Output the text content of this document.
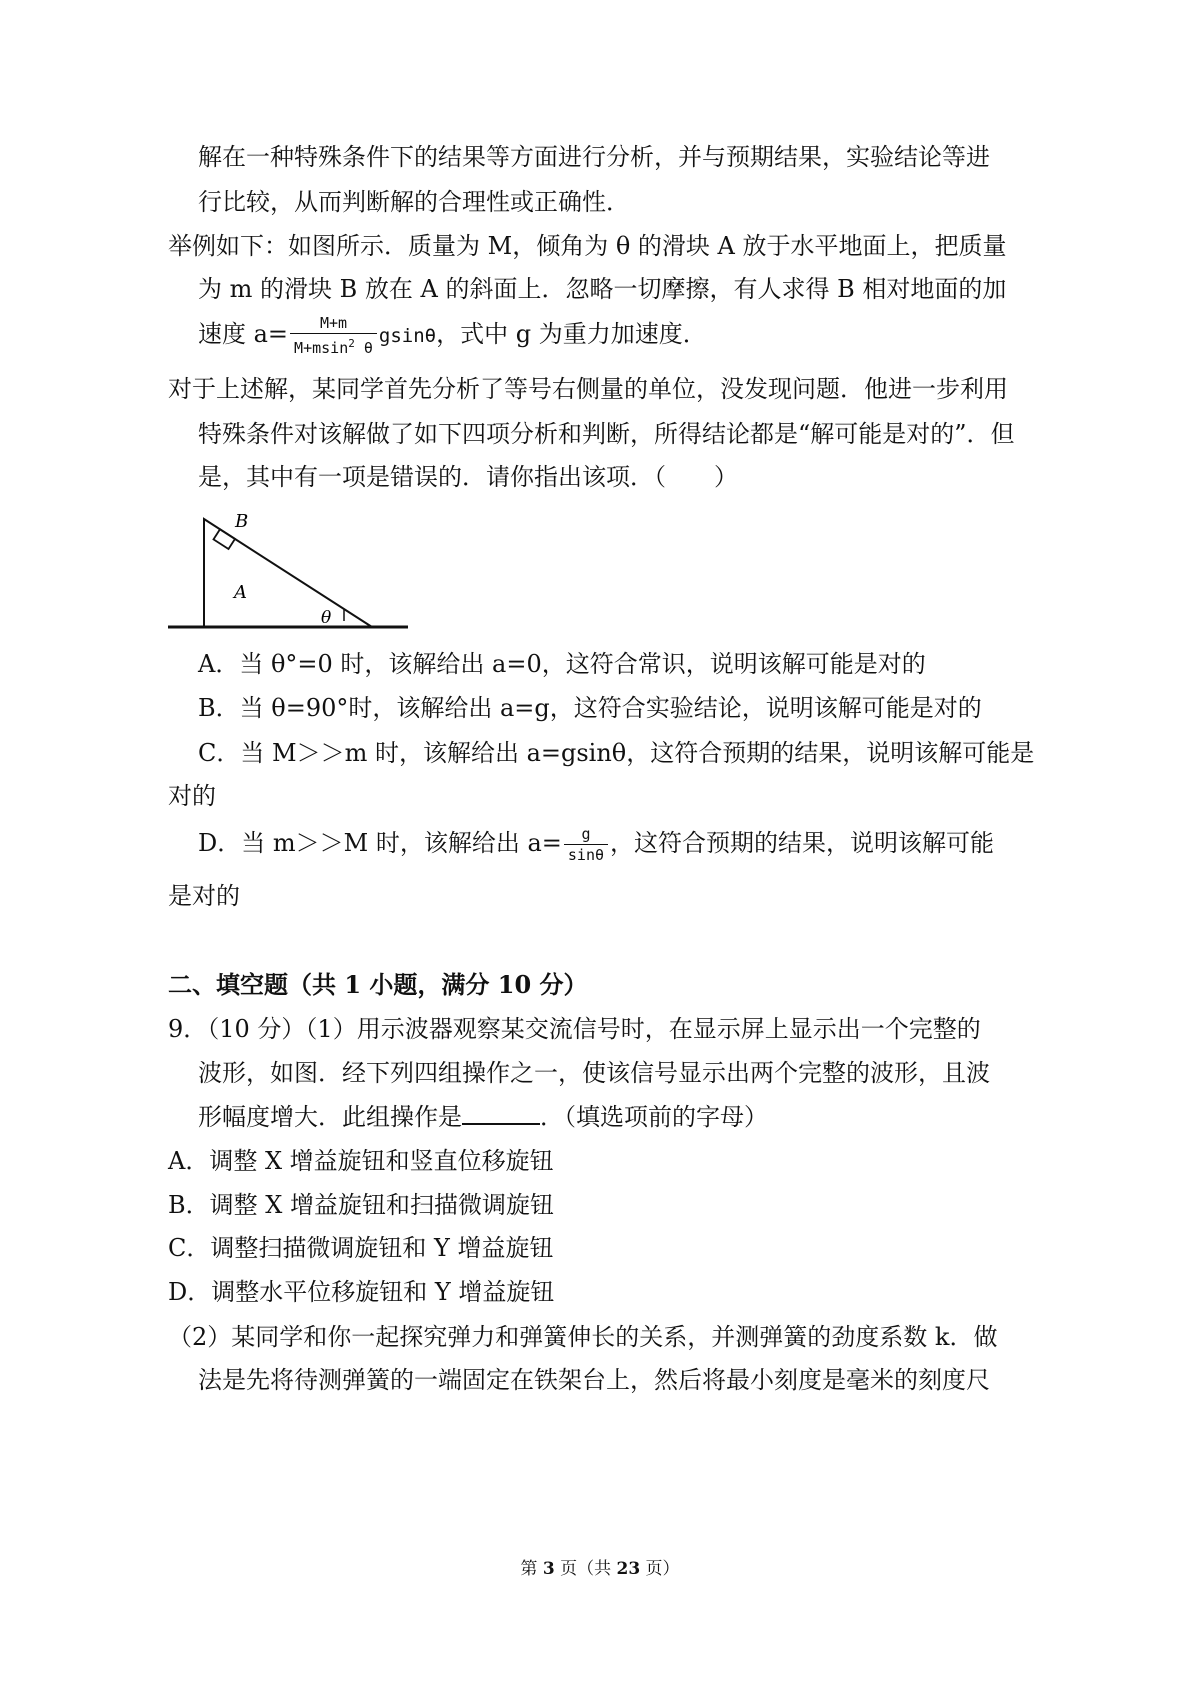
解在一种特殊条件下的结果等方面进行分析，并与预期结果，实验结论等进
行比较，从而判断解的合理性或正确性．
举例如下：如图所示．质量为 M，倾角为 θ 的滑块 A 放于水平地面上，把质量
为 m 的滑块 B 放在 A 的斜面上．忽略一切摩擦，有人求得 B 相对地面的加
速度 $a= \frac{M+m}{M+msin^2 \theta}$ gsinθ，式中 g 为重力加速度．
对于上述解，某同学首先分析了等号右侧量的单位，没发现问题．他进一步利用
特殊条件对该解做了如下四项分析和判断，所得结论都是“解可能是对的”．但
是，其中有一项是错误的．请你指出该项．（　　）
B
A
θ
A．当 θ°=0 时，该解给出 a=0，这符合常识，说明该解可能是对的
B．当 θ=90°时，该解给出 a=g，这符合实验结论，说明该解可能是对的
C．当 M＞＞m 时，该解给出 a=gsinθ，这符合预期的结果，说明该解可能是
对的
D．当 m＞＞M 时，该解给出 $a= \frac{g}{\sin\theta}$ ，这符合预期的结果，说明该解可能
是对的
二、填空题（共 1 小题，满分 10 分）
9．（10 分）（1）用示波器观察某交流信号时，在显示屏上显示出一个完整的
波形，如图．经下列四组操作之一，使该信号显示出两个完整的波形，且波
形幅度增大．此组操作是	．（填选项前的字母）
A．调整 X 增益旋钮和竖直位移旋钮
B．调整 X 增益旋钮和扫描微调旋钮
C．调整扫描微调旋钮和 Y 增益旋钮
D．调整水平位移旋钮和 Y 增益旋钮
（2）某同学和你一起探究弹力和弹簧伸长的关系，并测弹簧的劲度系数 k．做
法是先将待测弹簧的一端固定在铁架台上，然后将最小刻度是毫米的刻度尺
第 3 页（共 23 页）
